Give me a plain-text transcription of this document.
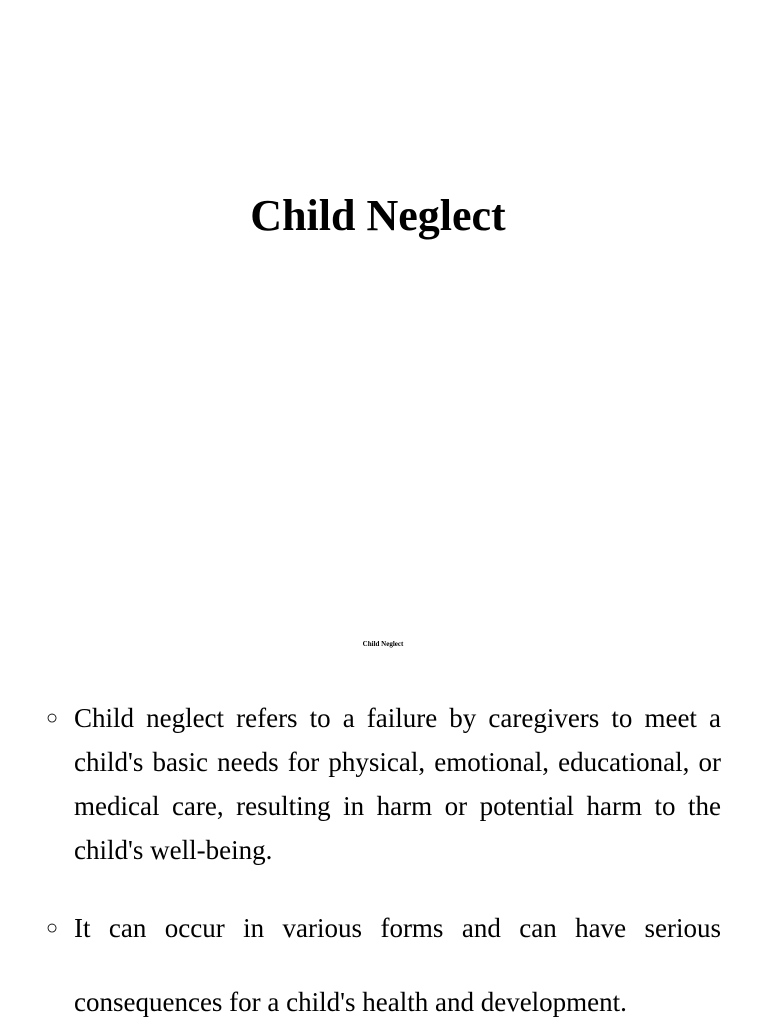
Child Neglect
Child Neglect
○ Child neglect refers to a failure by caregivers to meet a child's basic needs for physical, emotional, educational, or medical care, resulting in harm or potential harm to the child's well-being.

○ It can occur in various forms and can have serious consequences for a child's health and development.
